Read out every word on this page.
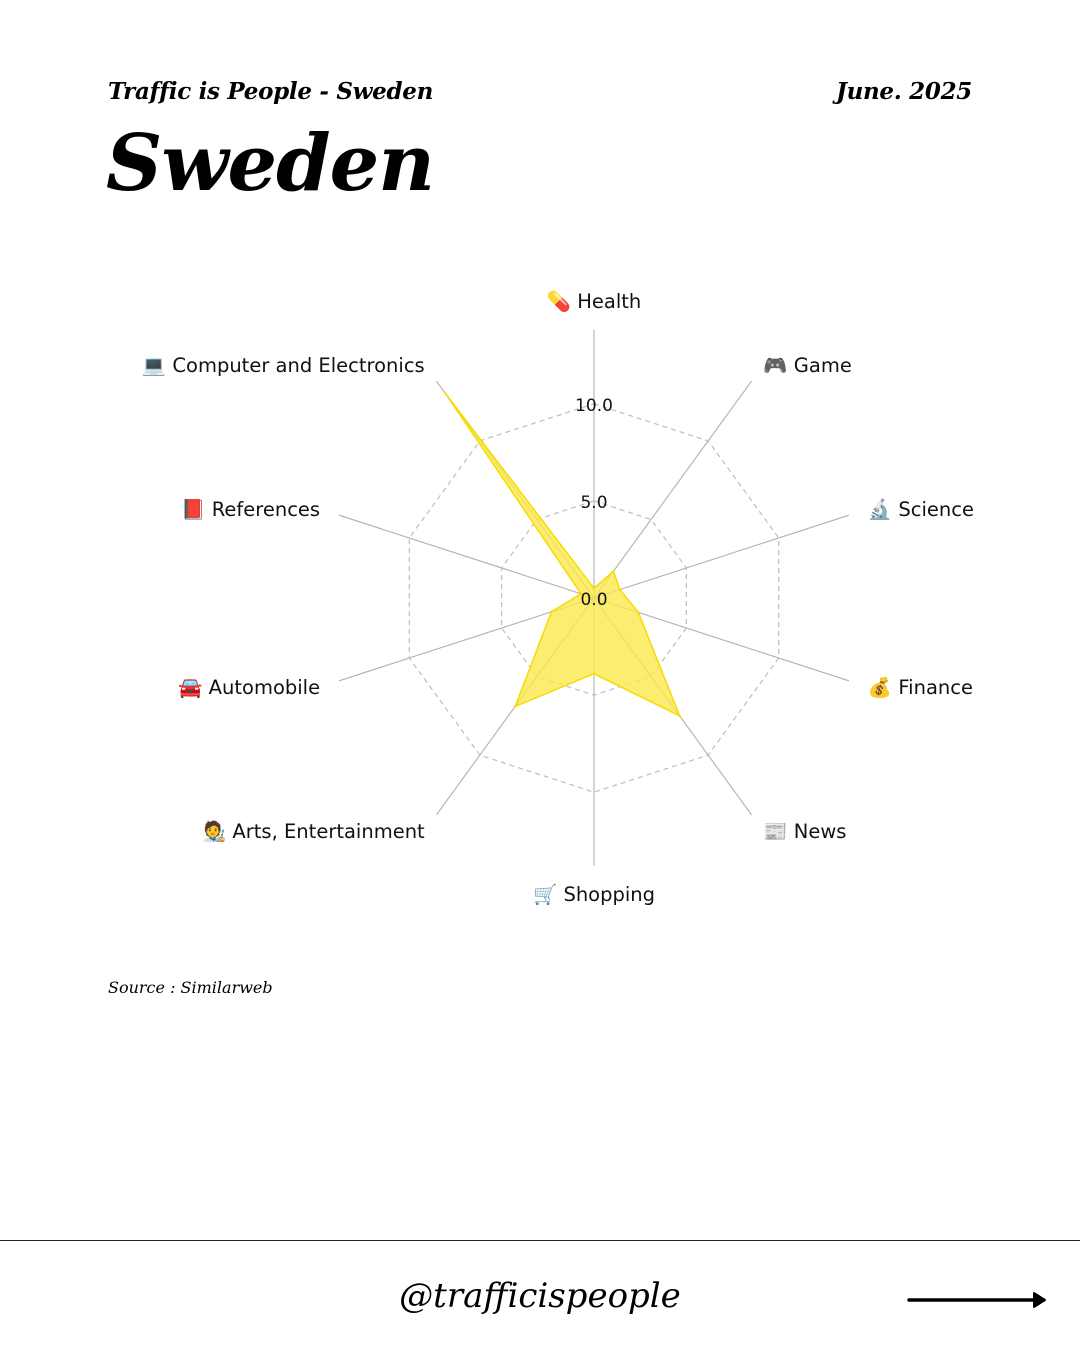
Traffic is People - Sweden	June. 2025
Sweden
0.0
5.0
10.0
💊 Health
🎮 Game
🔬 Science
💰 Finance
📰 News
🛒 Shopping
🧑‍🎨 Arts, Entertainment
🚘 Automobile
📕 References
💻 Computer and Electronics
Source : Similarweb
@trafficispeople
